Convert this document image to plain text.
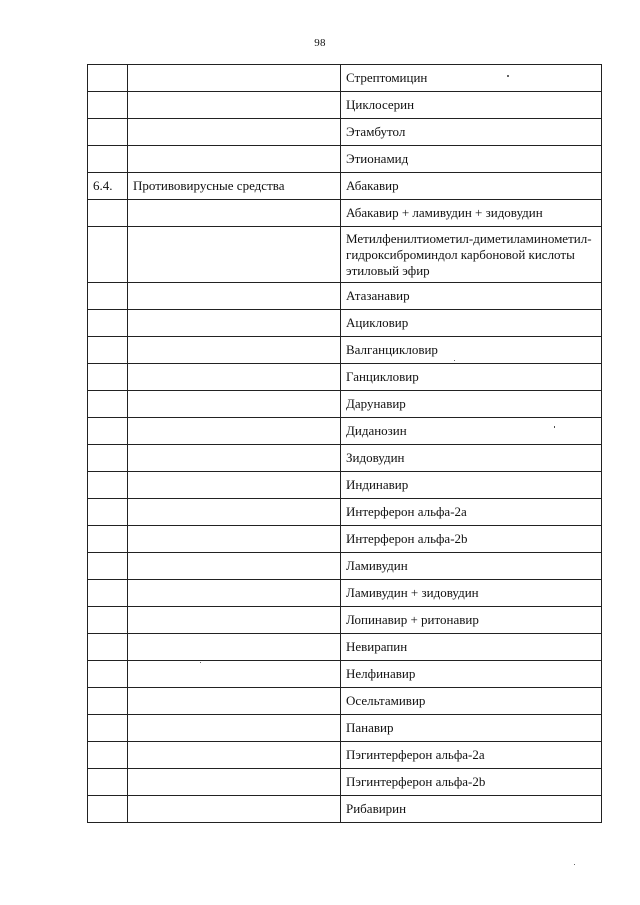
98
		Стрептомицин
		Циклосерин
		Этамбутол
		Этионамид
6.4.	Противовирусные средства	Абакавир
		Абакавир + ламивудин + зидовудин
		Метилфенилтиометил-диметиламинометил- гидроксиброминдол карбоновой кислоты этиловый эфир
		Атазанавир
		Ацикловир
		Валганцикловир
		Ганцикловир
		Дарунавир
		Диданозин
		Зидовудин
		Индинавир
		Интерферон альфа-2a
		Интерферон альфа-2b
		Ламивудин
		Ламивудин + зидовудин
		Лопинавир + ритонавир
		Невирапин
		Нелфинавир
		Осельтамивир
		Панавир
		Пэгинтерферон альфа-2a
		Пэгинтерферон альфа-2b
		Рибавирин
